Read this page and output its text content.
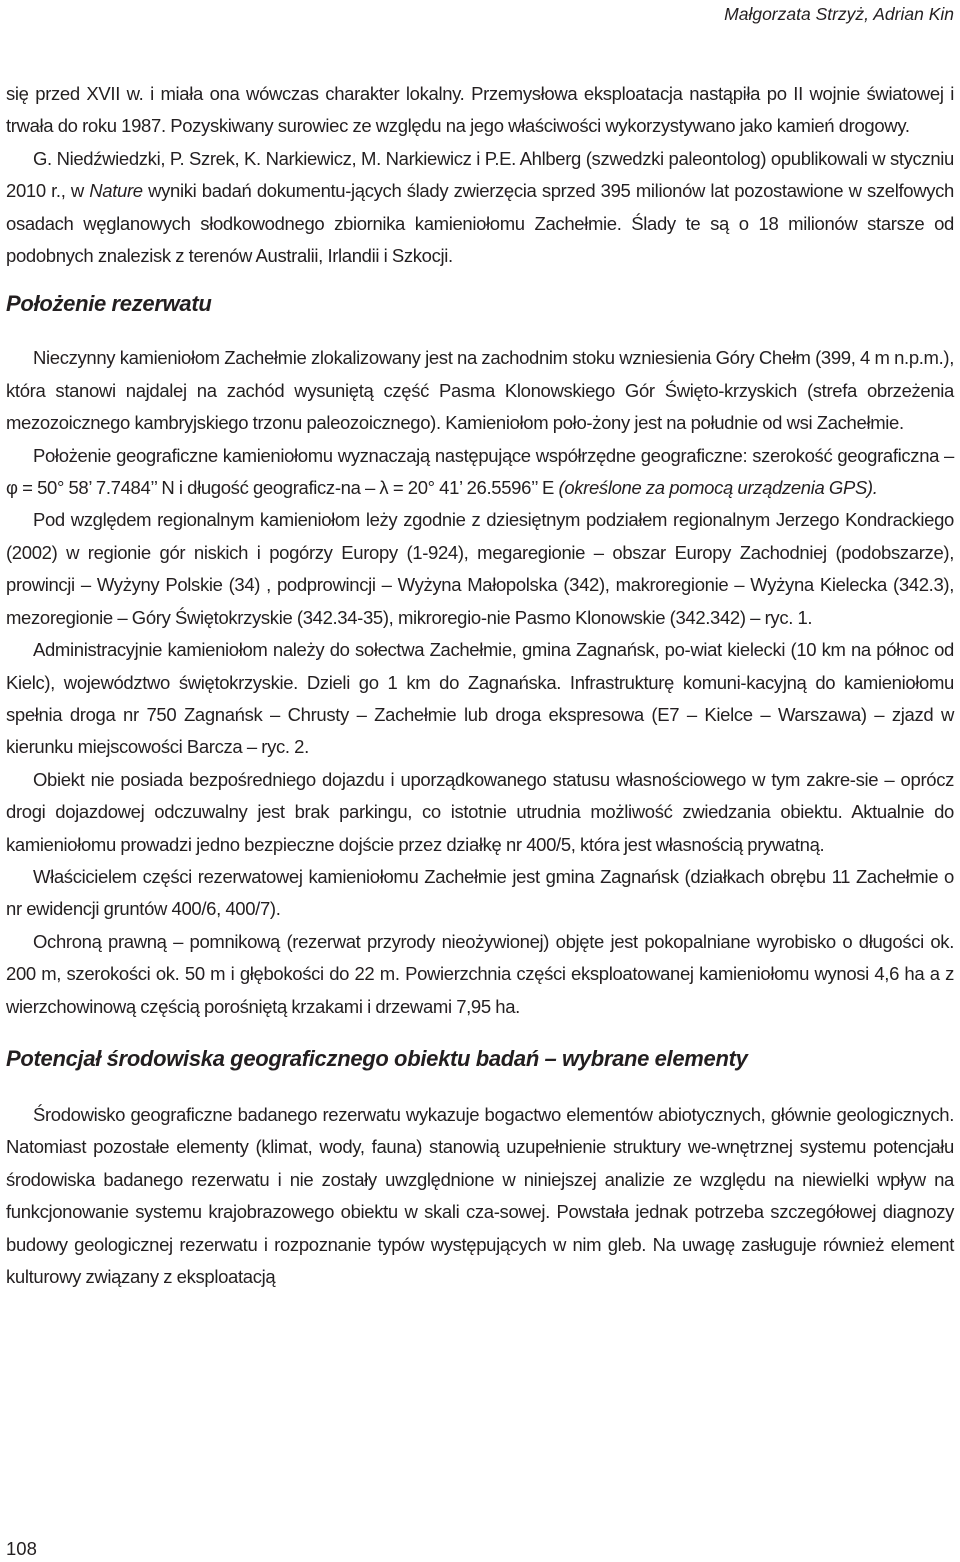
Małgorzata Strzyż, Adrian Kin

się przed XVII w. i miała ona wówczas charakter lokalny. Przemysłowa eksploatacja nastąpiła po II wojnie światowej i trwała do roku 1987. Pozyskiwany surowiec ze względu na jego właściwości wykorzystywano jako kamień drogowy.

G. Niedźwiedzki, P. Szrek, K. Narkiewicz, M. Narkiewicz i P.E. Ahlberg (szwedzki paleontolog) opublikowali w styczniu 2010 r., w Nature wyniki badań dokumentu-jących ślady zwierzęcia sprzed 395 milionów lat pozostawione w szelfowych osadach węglanowych słodkowodnego zbiornika kamieniołomu Zachełmie. Ślady te są o 18 milionów starsze od podobnych znalezisk z terenów Australii, Irlandii i Szkocji.

Położenie rezerwatu

Nieczynny kamieniołom Zachełmie zlokalizowany jest na zachodnim stoku wzniesienia Góry Chełm (399, 4 m n.p.m.), która stanowi najdalej na zachód wysuniętą część Pasma Klonowskiego Gór Święto-krzyskich (strefa obrzeżenia mezozoicznego kambryjskiego trzonu paleozoicznego). Kamieniołom poło-żony jest na południe od wsi Zachełmie.

Położenie geograficzne kamieniołomu wyznaczają następujące współrzędne geograficzne: szerokość geograficzna – φ = 50° 58’ 7.7484’’ N i długość geograficz-na – λ = 20° 41’ 26.5596’’ E (określone za pomocą urządzenia GPS).

Pod względem regionalnym kamieniołom leży zgodnie z dziesiętnym podziałem regionalnym Jerzego Kondrackiego (2002) w regionie gór niskich i pogórzy Europy (1-924), megaregionie – obszar Europy Zachodniej (podobszarze), prowincji – Wyżyny Polskie (34) , podprowincji – Wyżyna Małopolska (342), makroregionie – Wyżyna Kielecka (342.3), mezoregionie – Góry Świętokrzyskie (342.34-35), mikroregio-nie Pasmo Klonowskie (342.342) – ryc. 1.

Administracyjnie kamieniołom należy do sołectwa Zachełmie, gmina Zagnańsk, po-wiat kielecki (10 km na północ od Kielc), województwo świętokrzyskie. Dzieli go 1 km do Zagnańska. Infrastrukturę komuni-kacyjną do kamieniołomu spełnia droga nr 750 Zagnańsk – Chrusty – Zachełmie lub droga ekspresowa (E7 – Kielce – Warszawa) – zjazd w kierunku miejscowości Barcza – ryc. 2.

Obiekt nie posiada bezpośredniego dojazdu i uporządkowanego statusu własnościowego w tym zakre-sie – oprócz drogi dojazdowej odczuwalny jest brak parkingu, co istotnie utrudnia możliwość zwiedzania obiektu. Aktualnie do kamieniołomu prowadzi jedno bezpieczne dojście przez działkę nr 400/5, która jest własnością prywatną.

Właścicielem części rezerwatowej kamieniołomu Zachełmie jest gmina Zagnańsk (działkach obrębu 11 Zachełmie o nr ewidencji gruntów 400/6, 400/7).

Ochroną prawną – pomnikową (rezerwat przyrody nieożywionej) objęte jest pokopalniane wyrobisko o długości ok. 200 m, szerokości ok. 50 m i głębokości do 22 m. Powierzchnia części eksploatowanej kamieniołomu wynosi 4,6 ha a z wierzchowinową częścią porośniętą krzakami i drzewami 7,95 ha.

Potencjał środowiska geograficznego obiektu badań – wybrane elementy

Środowisko geograficzne badanego rezerwatu wykazuje bogactwo elementów abiotycznych, głównie geologicznych. Natomiast pozostałe elementy (klimat, wody, fauna) stanowią uzupełnienie struktury we-wnętrznej systemu potencjału środowiska badanego rezerwatu i nie zostały uwzględnione w niniejszej analizie ze względu na niewielki wpływ na funkcjonowanie systemu krajobrazowego obiektu w skali cza-sowej. Powstała jednak potrzeba szczegółowej diagnozy budowy geologicznej rezerwatu i rozpoznanie typów występujących w nim gleb. Na uwagę zasługuje również element kulturowy związany z eksploatacją

108
